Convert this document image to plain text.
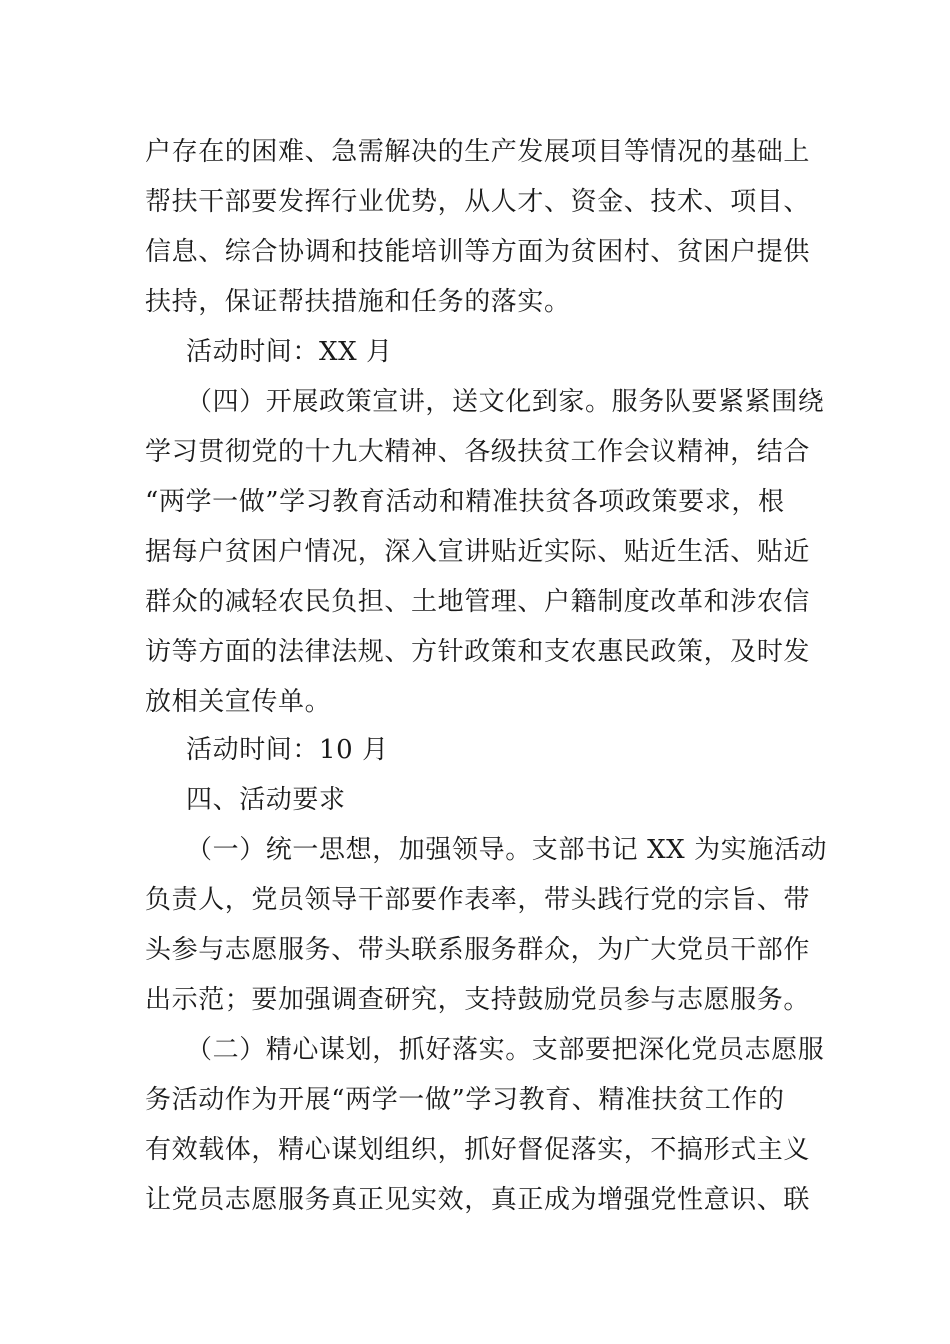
户存在的困难、急需解决的生产发展项目等情况的基础上
帮扶干部要发挥行业优势，从人才、资金、技术、项目、
信息、综合协调和技能培训等方面为贫困村、贫困户提供
扶持，保证帮扶措施和任务的落实。
活动时间：XX 月
（四）开展政策宣讲，送文化到家。服务队要紧紧围绕
学习贯彻党的十九大精神、各级扶贫工作会议精神，结合
“两学一做”学习教育活动和精准扶贫各项政策要求，根
据每户贫困户情况，深入宣讲贴近实际、贴近生活、贴近
群众的减轻农民负担、土地管理、户籍制度改革和涉农信
访等方面的法律法规、方针政策和支农惠民政策，及时发
放相关宣传单。
活动时间：10 月
四、活动要求
（一）统一思想，加强领导。支部书记 XX 为实施活动
负责人，党员领导干部要作表率，带头践行党的宗旨、带
头参与志愿服务、带头联系服务群众，为广大党员干部作
出示范；要加强调查研究，支持鼓励党员参与志愿服务。
（二）精心谋划，抓好落实。支部要把深化党员志愿服
务活动作为开展“两学一做”学习教育、精准扶贫工作的
有效载体，精心谋划组织，抓好督促落实，不搞形式主义
让党员志愿服务真正见实效，真正成为增强党性意识、联
